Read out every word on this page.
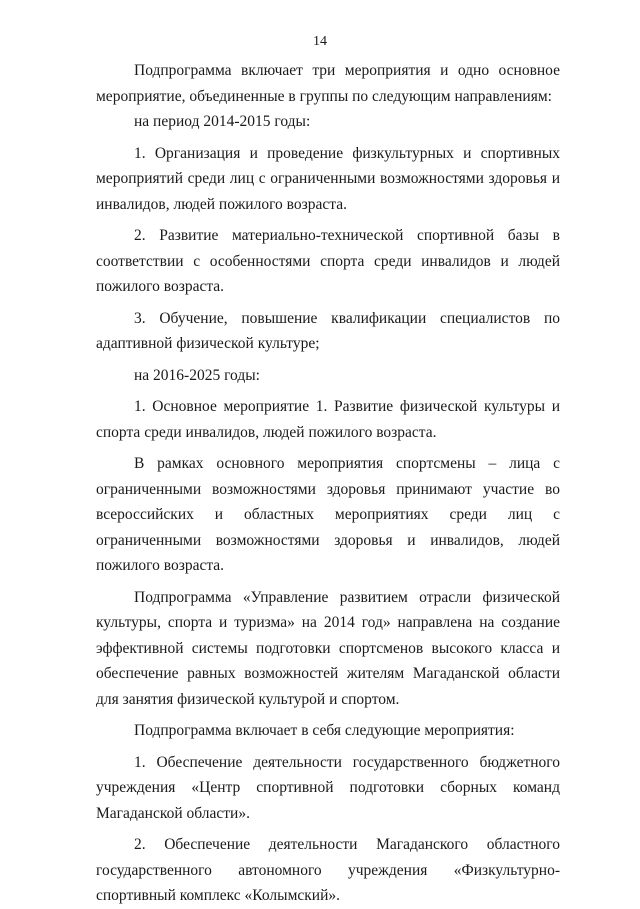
14

Подпрограмма включает три мероприятия и одно основное мероприятие, объединенные в группы по следующим направлениям:

на период 2014-2015 годы:

1. Организация и проведение физкультурных и спортивных мероприятий среди лиц с ограниченными возможностями здоровья и инвалидов, людей пожилого возраста.

2. Развитие материально-технической спортивной базы в соответствии с особенностями спорта среди инвалидов и людей пожилого возраста.

3. Обучение, повышение квалификации специалистов по адаптивной физической культуре;

на 2016-2025 годы:

1. Основное мероприятие 1. Развитие физической культуры и спорта среди инвалидов, людей пожилого возраста.

В рамках основного мероприятия спортсмены – лица с ограниченными возможностями здоровья принимают участие во всероссийских и областных мероприятиях среди лиц с ограниченными возможностями здоровья и инвалидов, людей пожилого возраста.

Подпрограмма «Управление развитием отрасли физической культуры, спорта и туризма» на 2014 год» направлена на создание эффективной системы подготовки спортсменов высокого класса и обеспечение равных возможностей жителям Магаданской области для занятия физической культурой и спортом.

Подпрограмма включает в себя следующие мероприятия:

1. Обеспечение деятельности государственного бюджетного учреждения «Центр спортивной подготовки сборных команд Магаданской области».

2. Обеспечение деятельности Магаданского областного государственного автономного учреждения «Физкультурно-спортивный комплекс «Колымский».
